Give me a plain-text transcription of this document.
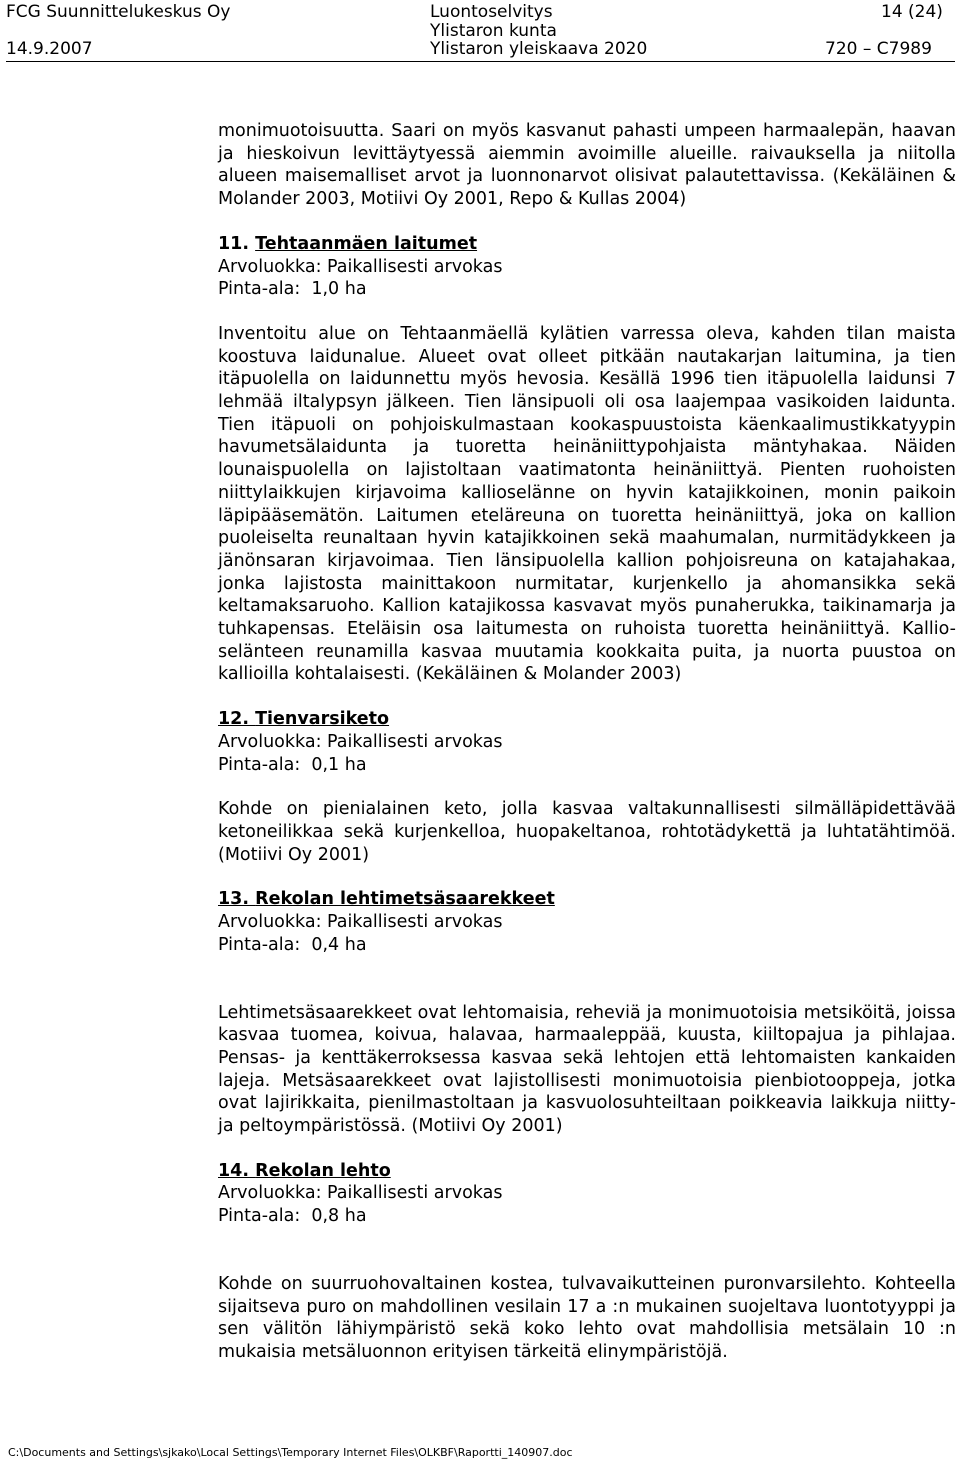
FCG Suunnittelukeskus Oy	Luontoselvitys	14 (24)
14.9.2007
Ylistaron kunta
Ylistaron yleiskaava 2020	720 – C7989

monimuotoisuutta. Saari on myös kasvanut pahasti umpeen harmaalepän, haavan ja hieskoivun levittäytyessä aiemmin avoimille alueille. raivauksella ja niitolla alueen maisemalliset arvot ja luonnonarvot olisivat palautettavissa. (Kekäläinen & Molander 2003, Motiivi Oy 2001, Repo & Kullas 2004)

11. Tehtaanmäen laitumet
Arvoluokka: Paikallisesti arvokas
Pinta-ala:  1,0 ha

Inventoitu alue on Tehtaanmäellä kylätien varressa oleva, kahden tilan maista koostuva laidunalue. Alueet ovat olleet pitkään nautakarjan laitumina, ja tien itäpuolella on laidunnettu myös hevosia. Kesällä 1996 tien itäpuolella laidunsi 7 lehmää iltalypsyn jälkeen. Tien länsipuoli oli osa laajempaa vasikoiden laidunta. Tien itäpuoli on pohjoiskulmastaan kookaspuustoista käenkaalimustikkatyypin havumetsälaidunta ja tuoretta heinäniittypohjaista mäntyhakaa. Näiden lounaispuolella on lajistoltaan vaatimatonta heinäniittyä. Pienten ruohoisten niittylaikkujen kirjavoima kallioselänne on hyvin katajikkoinen, monin paikoin läpipääsemätön. Laitumen eteläreuna on tuoretta heinäniittyä, joka on kallion puoleiselta reunaltaan hyvin katajikkoinen sekä maahumalan, nurmitädykkeen ja jänönsaran kirjavoimaa. Tien länsipuolella kallion pohjoisreuna on katajahakaa, jonka lajistosta mainittakoon nurmitatar, kurjenkello ja ahomansikka sekä keltamaksaruoho. Kallion katajikossa kasvavat myös punaherukka, taikinamarja ja tuhkapensas. Eteläisin osa laitumesta on ruhoista tuoretta heinäniittyä. Kallio-selänteen reunamilla kasvaa muutamia kookkaita puita, ja nuorta puustoa on kallioilla kohtalaisesti. (Kekäläinen & Molander 2003)

12. Tienvarsiketo
Arvoluokka: Paikallisesti arvokas
Pinta-ala:  0,1 ha

Kohde on pienialainen keto, jolla kasvaa valtakunnallisesti silmälläpidettävää ketoneilikkaa sekä kurjenkelloa, huopakeltanoa, rohtotädykettä ja luhtatähtimöä. (Motiivi Oy 2001)

13. Rekolan lehtimetsäsaarekkeet
Arvoluokka: Paikallisesti arvokas
Pinta-ala:  0,4 ha

Lehtimetsäsaarekkeet ovat lehtomaisia, reheviä ja monimuotoisia metsiköitä, joissa kasvaa tuomea, koivua, halavaa, harmaaleppää, kuusta, kiiltopajua ja pihlajaa. Pensas- ja kenttäkerroksessa kasvaa sekä lehtojen että lehtomaisten kankaiden lajeja. Metsäsaarekkeet ovat lajistollisesti monimuotoisia pienbiotooppeja, jotka ovat lajirikkaita, pienilmastoltaan ja kasvuolosuhteiltaan poikkeavia laikkuja niitty- ja peltoympäristössä. (Motiivi Oy 2001)

14. Rekolan lehto
Arvoluokka: Paikallisesti arvokas
Pinta-ala:  0,8 ha

Kohde on suurruohovaltainen kostea, tulvavaikutteinen puronvarsilehto. Kohteella sijaitseva puro on mahdollinen vesilain 17 a :n mukainen suojeltava luontotyyppi ja sen välitön lähiympäristö sekä koko lehto ovat mahdollisia metsälain 10 :n mukaisia metsäluonnon erityisen tärkeitä elinympäristöjä.

C:\Documents and Settings\sjkako\Local Settings\Temporary Internet Files\OLKBF\Raportti_140907.doc
